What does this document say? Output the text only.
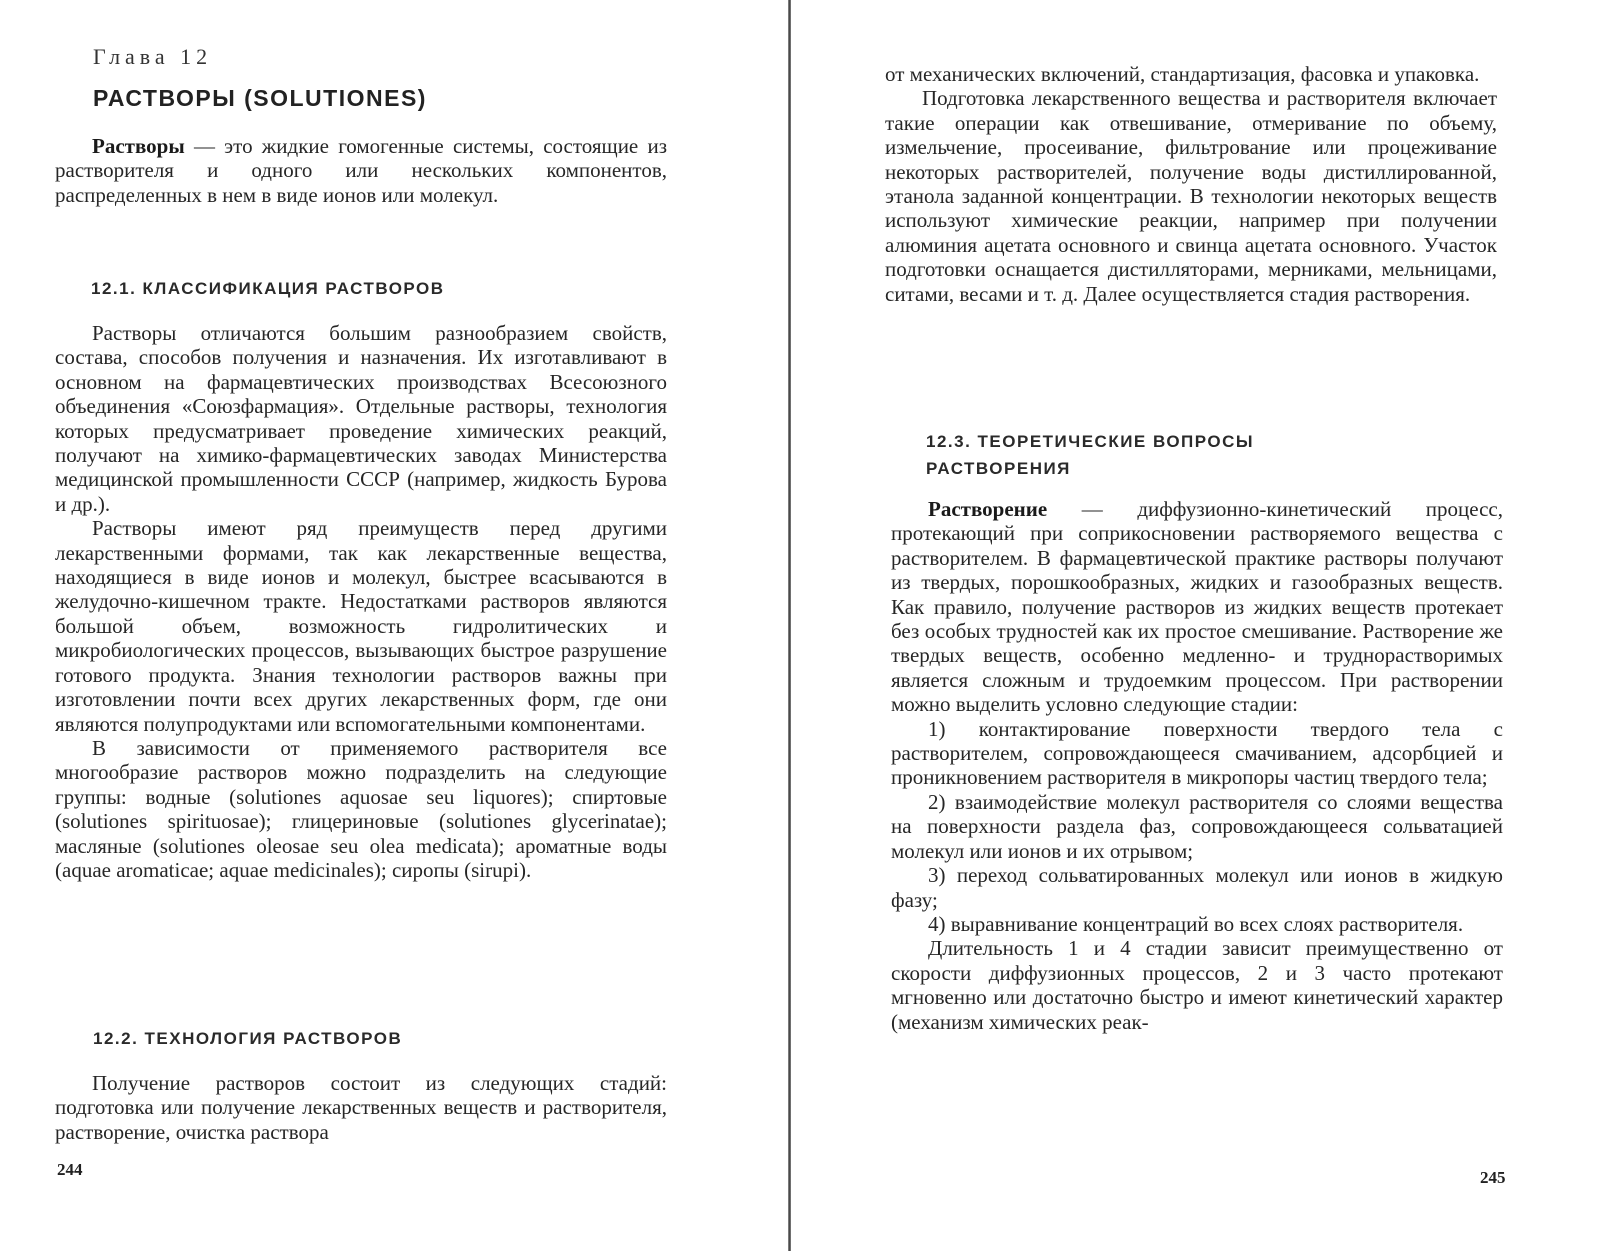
Глава 12
РАСТВОРЫ (SOLUTIONES)

Растворы — это жидкие гомогенные системы, состоящие из растворителя и одного или нескольких компонентов, распределенных в нем в виде ионов или молекул.

12.1. КЛАССИФИКАЦИЯ РАСТВОРОВ

Растворы отличаются большим разнообразием свойств, состава, способов получения и назначения. Их изготавливают в основном на фармацевтических производствах Всесоюзного объединения «Союзфармация». Отдельные растворы, технология которых предусматривает проведение химических реакций, получают на химико-фармацевтических заводах Министерства медицинской промышленности СССР (например, жидкость Бурова и др.).

Растворы имеют ряд преимуществ перед другими лекарственными формами, так как лекарственные вещества, находящиеся в виде ионов и молекул, быстрее всасываются в желудочно-кишечном тракте. Недостатками растворов являются большой объем, возможность гидролитических и микробиологических процессов, вызывающих быстрое разрушение готового продукта. Знания технологии растворов важны при изготовлении почти всех других лекарственных форм, где они являются полупродуктами или вспомогательными компонентами.

В зависимости от применяемого растворителя все многообразие растворов можно подразделить на следующие группы: водные (solutiones aquosae seu liquores); спиртовые (solutiones spirituosae); глицериновые (solutiones glycerinatae); масляные (solutiones oleosae seu olea medicata); ароматные воды (aquae aromaticae; aquae medicinales); сиропы (sirupi).

12.2. ТЕХНОЛОГИЯ РАСТВОРОВ

Получение растворов состоит из следующих стадий: подготовка или получение лекарственных веществ и растворителя, растворение, очистка раствора

244

от механических включений, стандартизация, фасовка и упаковка.

Подготовка лекарственного вещества и растворителя включает такие операции как отвешивание, отмеривание по объему, измельчение, просеивание, фильтрование или процеживание некоторых растворителей, получение воды дистиллированной, этанола заданной концентрации. В технологии некоторых веществ используют химические реакции, например при получении алюминия ацетата основного и свинца ацетата основного. Участок подготовки оснащается дистилляторами, мерниками, мельницами, ситами, весами и т. д. Далее осуществляется стадия растворения.

12.3. ТЕОРЕТИЧЕСКИЕ ВОПРОСЫ
РАСТВОРЕНИЯ

Растворение — диффузионно-кинетический процесс, протекающий при соприкосновении растворяемого вещества с растворителем. В фармацевтической практике растворы получают из твердых, порошкообразных, жидких и газообразных веществ. Как правило, получение растворов из жидких веществ протекает без особых трудностей как их простое смешивание. Растворение же твердых веществ, особенно медленно- и труднорастворимых является сложным и трудоемким процессом. При растворении можно выделить условно следующие стадии:

1) контактирование поверхности твердого тела с растворителем, сопровождающееся смачиванием, адсорбцией и проникновением растворителя в микропоры частиц твердого тела;

2) взаимодействие молекул растворителя со слоями вещества на поверхности раздела фаз, сопровождающееся сольватацией молекул или ионов и их отрывом;

3) переход сольватированных молекул или ионов в жидкую фазу;

4) выравнивание концентраций во всех слоях растворителя.

Длительность 1 и 4 стадии зависит преимущественно от скорости диффузионных процессов, 2 и 3 часто протекают мгновенно или достаточно быстро и имеют кинетический характер (механизм химических реак-

245
